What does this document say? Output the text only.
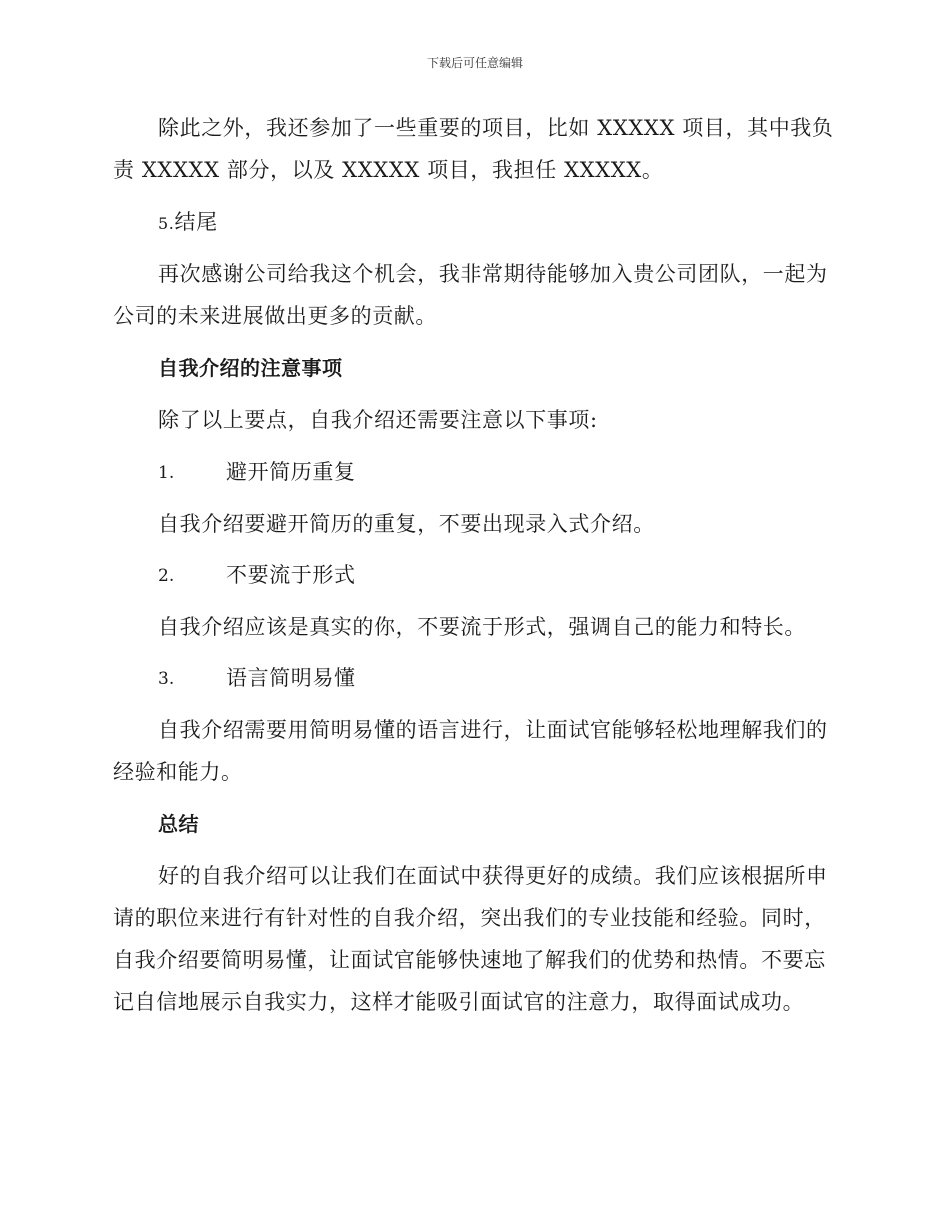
下载后可任意编辑
除此之外，我还参加了一些重要的项目，比如 XXXXX 项目，其中我负
责 XXXXX 部分，以及 XXXXX 项目，我担任 XXXXX。
5.结尾
再次感谢公司给我这个机会，我非常期待能够加入贵公司团队，一起为
公司的未来进展做出更多的贡献。
自我介绍的注意事项
除了以上要点，自我介绍还需要注意以下事项:
1. 避开简历重复
自我介绍要避开简历的重复，不要出现录入式介绍。
2. 不要流于形式
自我介绍应该是真实的你，不要流于形式，强调自己的能力和特长。
3. 语言简明易懂
自我介绍需要用简明易懂的语言进行，让面试官能够轻松地理解我们的
经验和能力。
总结
好的自我介绍可以让我们在面试中获得更好的成绩。我们应该根据所申
请的职位来进行有针对性的自我介绍，突出我们的专业技能和经验。同时，
自我介绍要简明易懂，让面试官能够快速地了解我们的优势和热情。不要忘
记自信地展示自我实力，这样才能吸引面试官的注意力，取得面试成功。
